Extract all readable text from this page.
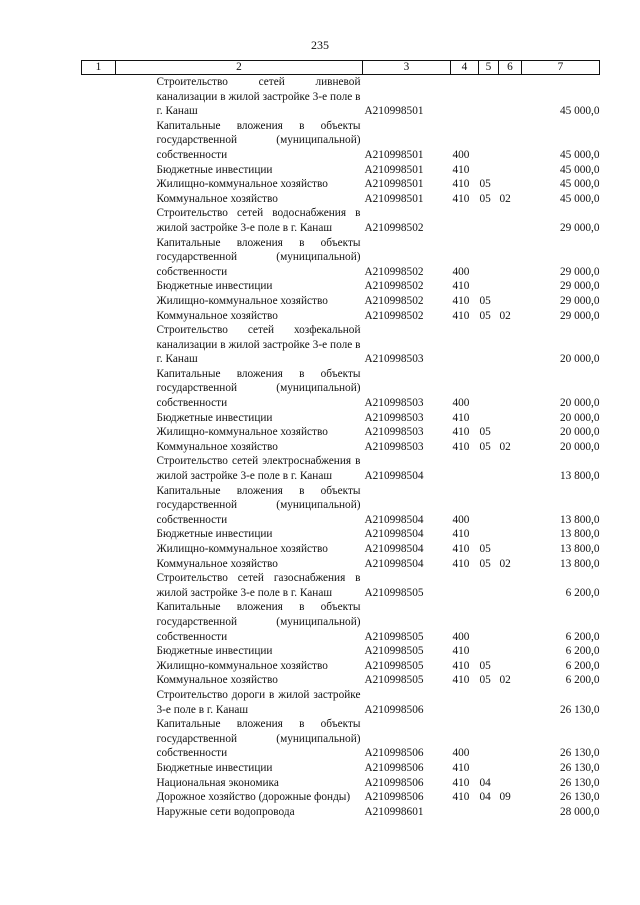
235
1	2	3	4	5	6	7
	Строительство сетей ливневой канализации в жилой застройке 3-е поле в г. Канаш	А210998501				45 000,0
	Капитальные вложения в объекты государственной (муниципальной) собственности	А210998501	400			45 000,0
	Бюджетные инвестиции	А210998501	410			45 000,0
	Жилищно-коммунальное хозяйство	А210998501	410	05		45 000,0
	Коммунальное хозяйство	А210998501	410	05	02	45 000,0
	Строительство сетей водоснабжения в жилой застройке 3-е поле в г. Канаш	А210998502				29 000,0
	Капитальные вложения в объекты государственной (муниципальной) собственности	А210998502	400			29 000,0
	Бюджетные инвестиции	А210998502	410			29 000,0
	Жилищно-коммунальное хозяйство	А210998502	410	05		29 000,0
	Коммунальное хозяйство	А210998502	410	05	02	29 000,0
	Строительство сетей хозфекальной канализации в жилой застройке 3-е поле в г. Канаш	А210998503				20 000,0
	Капитальные вложения в объекты государственной (муниципальной) собственности	А210998503	400			20 000,0
	Бюджетные инвестиции	А210998503	410			20 000,0
	Жилищно-коммунальное хозяйство	А210998503	410	05		20 000,0
	Коммунальное хозяйство	А210998503	410	05	02	20 000,0
	Строительство сетей электроснабжения в жилой застройке 3-е поле в г. Канаш	А210998504				13 800,0
	Капитальные вложения в объекты государственной (муниципальной) собственности	А210998504	400			13 800,0
	Бюджетные инвестиции	А210998504	410			13 800,0
	Жилищно-коммунальное хозяйство	А210998504	410	05		13 800,0
	Коммунальное хозяйство	А210998504	410	05	02	13 800,0
	Строительство сетей газоснабжения в жилой застройке 3-е поле в г. Канаш	А210998505				6 200,0
	Капитальные вложения в объекты государственной (муниципальной) собственности	А210998505	400			6 200,0
	Бюджетные инвестиции	А210998505	410			6 200,0
	Жилищно-коммунальное хозяйство	А210998505	410	05		6 200,0
	Коммунальное хозяйство	А210998505	410	05	02	6 200,0
	Строительство дороги в жилой застройке 3-е поле в г. Канаш	А210998506				26 130,0
	Капитальные вложения в объекты государственной (муниципальной) собственности	А210998506	400			26 130,0
	Бюджетные инвестиции	А210998506	410			26 130,0
	Национальная экономика	А210998506	410	04		26 130,0
	Дорожное хозяйство (дорожные фонды)	А210998506	410	04	09	26 130,0
	Наружные сети водопровода	А210998601				28 000,0
